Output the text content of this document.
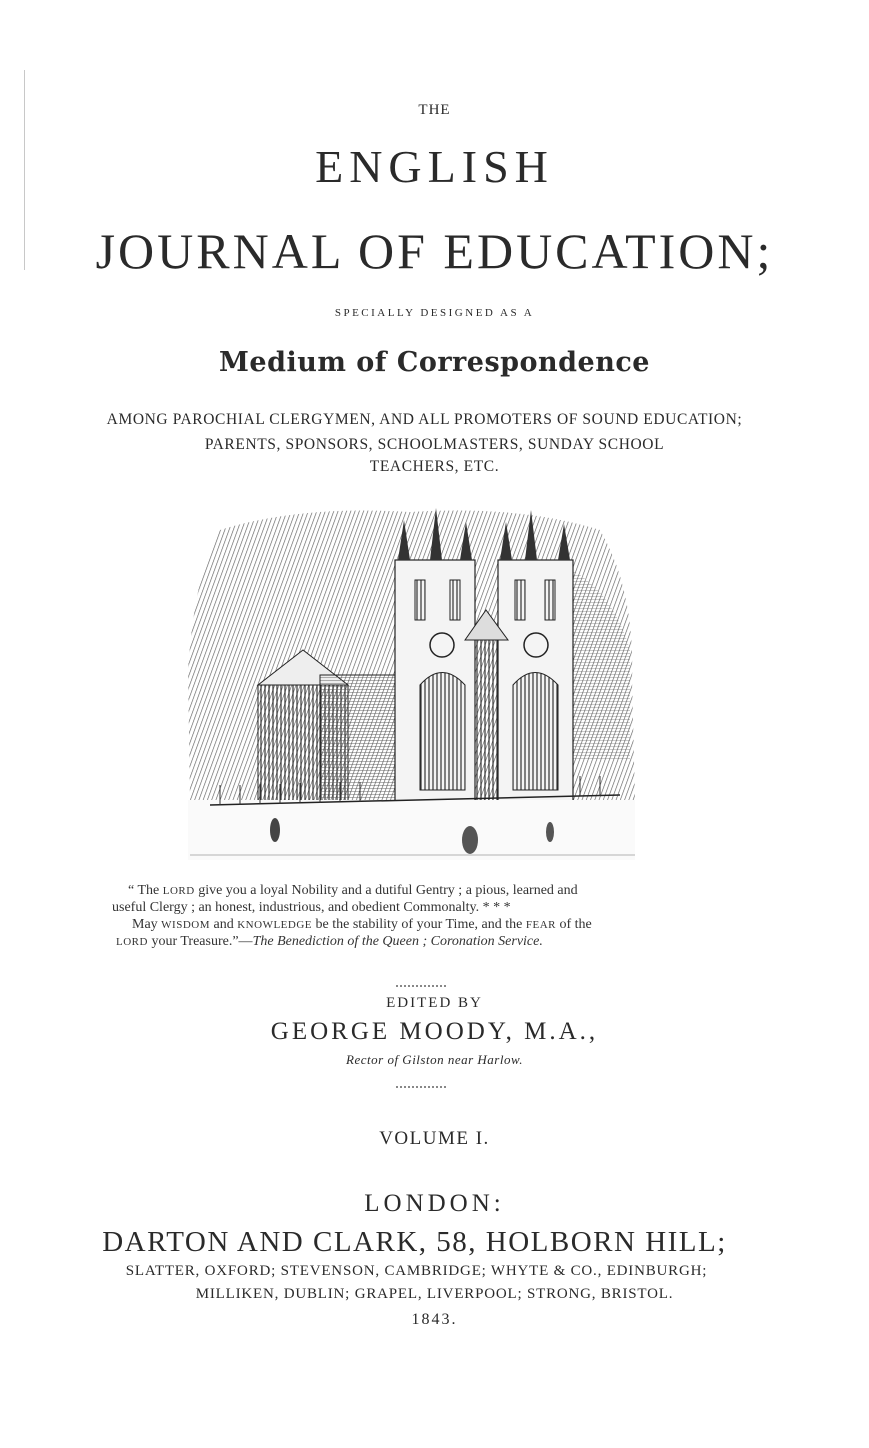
THE
ENGLISH
JOURNAL OF EDUCATION;
SPECIALLY DESIGNED AS A
Medium of Correspondence
AMONG PAROCHIAL CLERGYMEN, AND ALL PROMOTERS OF SOUND EDUCATION;
PARENTS, SPONSORS, SCHOOLMASTERS, SUNDAY SCHOOL
TEACHERS, ETC.
“ The LORD give you a loyal Nobility and a dutiful Gentry ; a pious, learned and
useful Clergy ; an honest, industrious, and obedient Commonalty. * * *
May WISDOM and KNOWLEDGE be the stability of your Time, and the FEAR of the
LORD your Treasure.”—The Benediction of the Queen ; Coronation Service.
EDITED BY
GEORGE MOODY, M.A.,
Rector of Gilston near Harlow.
VOLUME I.
LONDON:
DARTON AND CLARK, 58, HOLBORN HILL;
SLATTER, OXFORD; STEVENSON, CAMBRIDGE; WHYTE & CO., EDINBURGH;
MILLIKEN, DUBLIN; GRAPEL, LIVERPOOL; STRONG, BRISTOL.
1843.
